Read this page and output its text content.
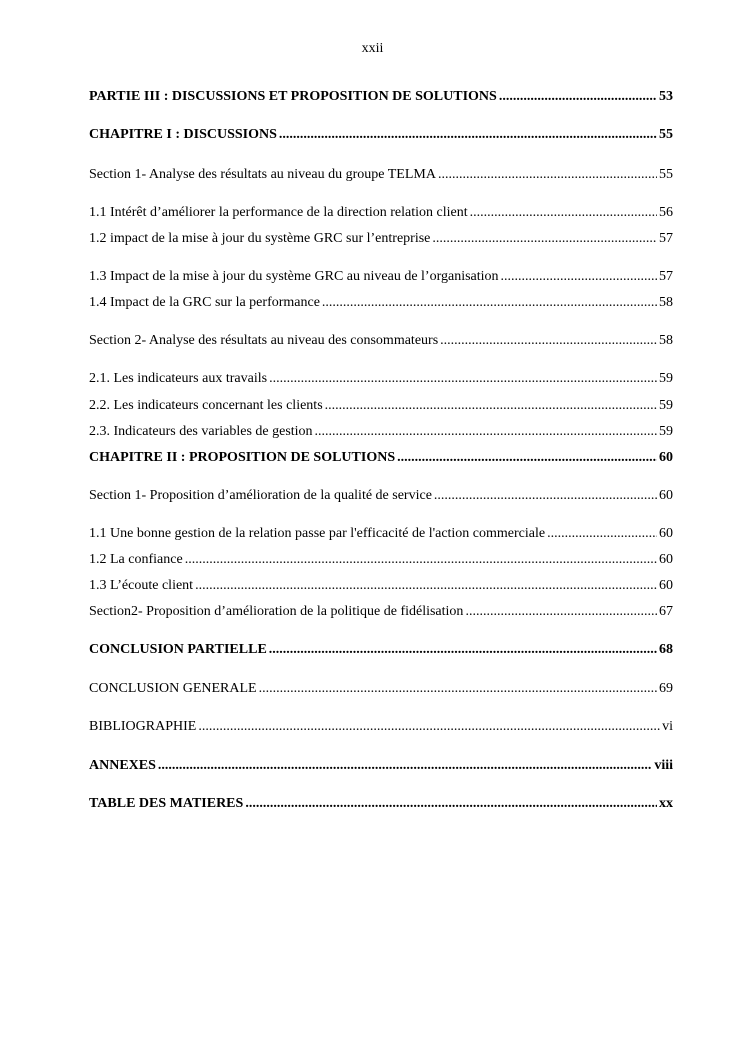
xxii
PARTIE III : DISCUSSIONS ET PROPOSITION DE SOLUTIONS .....	53
CHAPITRE I : DISCUSSIONS .....	55
Section 1- Analyse des résultats au niveau du groupe TELMA .....	55
1.1 Intérêt d’améliorer la performance de la direction relation client .....	56
1.2 impact de la mise à jour du système GRC sur l’entreprise .....	57
1.3 Impact de la mise à jour du système GRC au niveau de l’organisation .....	57
1.4 Impact de la GRC sur la performance .....	58
Section 2- Analyse des résultats au niveau des consommateurs .....	58
2.1. Les indicateurs aux travails .....	59
2.2. Les indicateurs concernant les clients .....	59
2.3. Indicateurs des variables de gestion .....	59
CHAPITRE II : PROPOSITION DE SOLUTIONS .....	60
Section 1- Proposition d’amélioration de la qualité de service .....	60
1.1 Une bonne gestion de la relation passe par l'efficacité de l'action commerciale .....	60
1.2 La confiance .....	60
1.3 L’écoute client .....	60
Section2- Proposition d’amélioration de la politique de fidélisation .....	67
CONCLUSION PARTIELLE .....	68
CONCLUSION GENERALE .....	69
BIBLIOGRAPHIE .....	vi
ANNEXES .....	viii
TABLE DES MATIERES .....	xx
